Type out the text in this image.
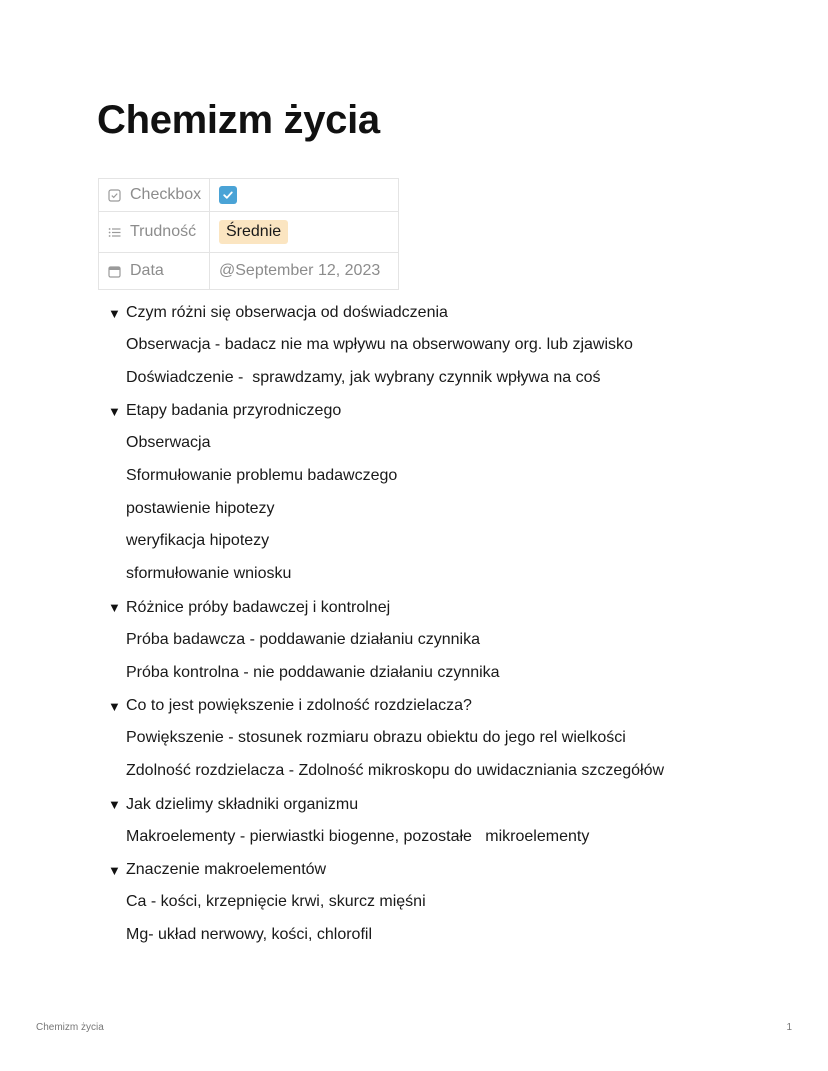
Chemizm życia
Checkbox

Trudność	Średnie

Data	@September 12, 2023
▼ Czym różni się obserwacja od doświadczenia
Obserwacja - badacz nie ma wpływu na obserwowany org. lub zjawisko
Doświadczenie -  sprawdzamy, jak wybrany czynnik wpływa na coś
▼ Etapy badania przyrodniczego
Obserwacja
Sformułowanie problemu badawczego
postawienie hipotezy
weryfikacja hipotezy
sformułowanie wniosku
▼ Różnice próby badawczej i kontrolnej
Próba badawcza - poddawanie działaniu czynnika
Próba kontrolna - nie poddawanie działaniu czynnika
▼ Co to jest powiększenie i zdolność rozdzielacza?
Powiększenie - stosunek rozmiaru obrazu obiektu do jego rel wielkości
Zdolność rozdzielacza - Zdolność mikroskopu do uwidaczniania szczegółów
▼ Jak dzielimy składniki organizmu
Makroelementy - pierwiastki biogenne, pozostałe   mikroelementy
▼ Znaczenie makroelementów
Ca - kości, krzepnięcie krwi, skurcz mięśni
Mg- układ nerwowy, kości, chlorofil
Chemizm życia	1
